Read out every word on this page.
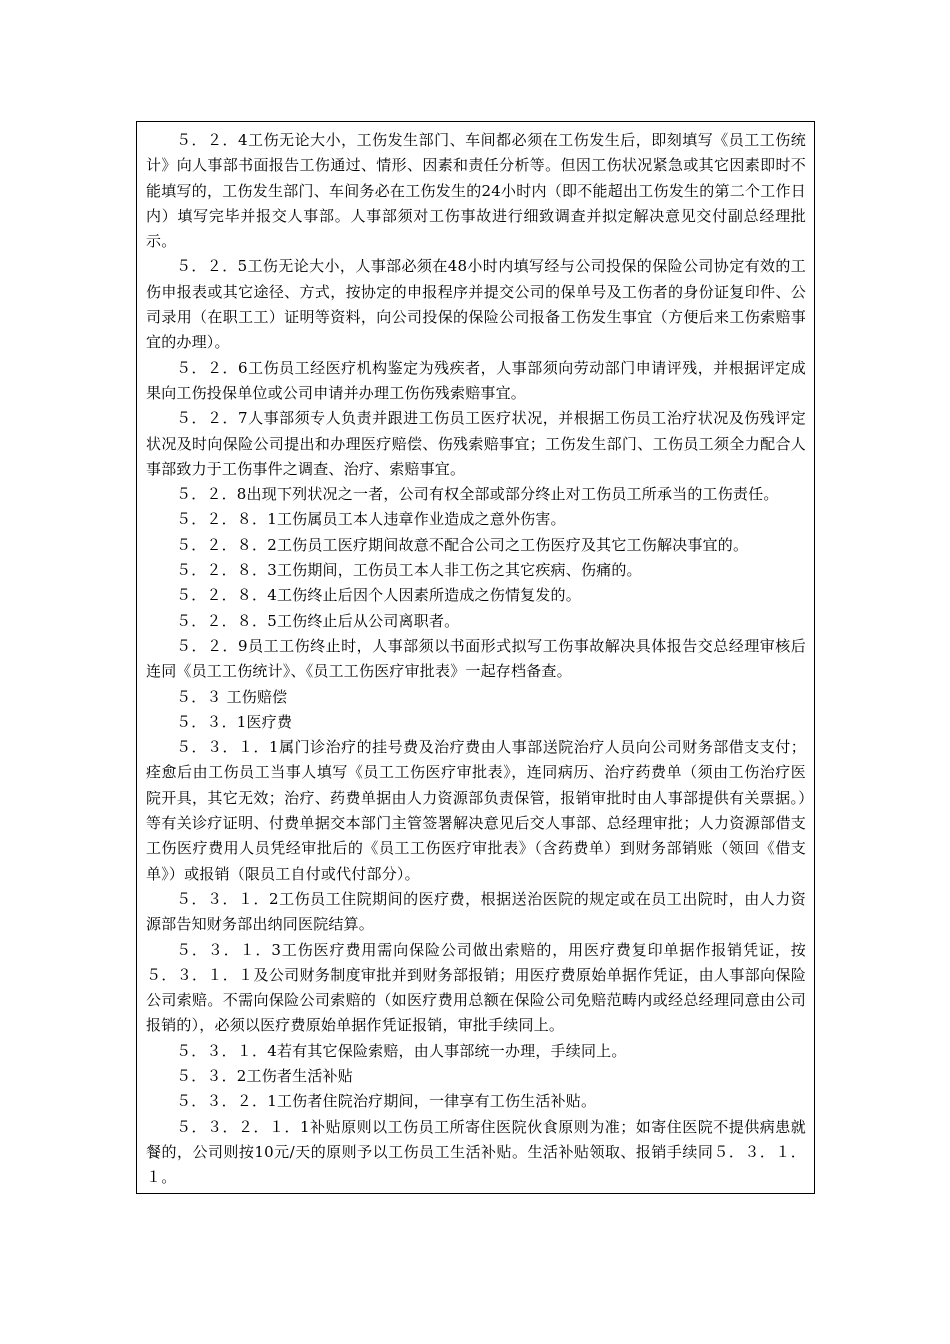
５．２．4工伤无论大小，工伤发生部门、车间都必须在工伤发生后，即刻填写《员工工伤统计》向人事部书面报告工伤通过、情形、因素和责任分析等。但因工伤状况紧急或其它因素即时不能填写的，工伤发生部门、车间务必在工伤发生的24小时内（即不能超出工伤发生的第二个工作日内）填写完毕并报交人事部。人事部须对工伤事故进行细致调查并拟定解决意见交付副总经理批示。

５．２．5工伤无论大小，人事部必须在48小时内填写经与公司投保的保险公司协定有效的工伤申报表或其它途径、方式，按协定的申报程序并提交公司的保单号及工伤者的身份证复印件、公司录用（在职工工）证明等资料，向公司投保的保险公司报备工伤发生事宜（方便后来工伤索赔事宜的办理）。

５．２．6工伤员工经医疗机构鉴定为残疾者，人事部须向劳动部门申请评残，并根据评定成果向工伤投保单位或公司申请并办理工伤伤残索赔事宜。

５．２．7人事部须专人负责并跟进工伤员工医疗状况，并根据工伤员工治疗状况及伤残评定状况及时向保险公司提出和办理医疗赔偿、伤残索赔事宜；工伤发生部门、工伤员工须全力配合人事部致力于工伤事件之调查、治疗、索赔事宜。

５．２．8出现下列状况之一者，公司有权全部或部分终止对工伤员工所承当的工伤责任。

５．２．８．1工伤属员工本人违章作业造成之意外伤害。

５．２．８．2工伤员工医疗期间故意不配合公司之工伤医疗及其它工伤解决事宜的。

５．２．８．3工伤期间，工伤员工本人非工伤之其它疾病、伤痛的。

５．２．８．4工伤终止后因个人因素所造成之伤情复发的。

５．２．８．5工伤终止后从公司离职者。

５．２．9员工工伤终止时，人事部须以书面形式拟写工伤事故解决具体报告交总经理审核后连同《员工工伤统计》、《员工工伤医疗审批表》一起存档备查。

５．３ 工伤赔偿

５．３．1医疗费

５．３．１．1属门诊治疗的挂号费及治疗费由人事部送院治疗人员向公司财务部借支支付；痊愈后由工伤员工当事人填写《员工工伤医疗审批表》，连同病历、治疗药费单（须由工伤治疗医院开具，其它无效；治疗、药费单据由人力资源部负责保管，报销审批时由人事部提供有关票据。）等有关诊疗证明、付费单据交本部门主管签署解决意见后交人事部、总经理审批；人力资源部借支工伤医疗费用人员凭经审批后的《员工工伤医疗审批表》（含药费单）到财务部销账（领回《借支单》）或报销（限员工自付或代付部分）。

５．３．１．2工伤员工住院期间的医疗费，根据送治医院的规定或在员工出院时，由人力资源部告知财务部出纳同医院结算。

５．３．１．3工伤医疗费用需向保险公司做出索赔的，用医疗费复印单据作报销凭证，按５．３．１．１及公司财务制度审批并到财务部报销；用医疗费原始单据作凭证，由人事部向保险公司索赔。不需向保险公司索赔的（如医疗费用总额在保险公司免赔范畴内或经总经理同意由公司报销的），必须以医疗费原始单据作凭证报销，审批手续同上。

５．３．１．4若有其它保险索赔，由人事部统一办理，手续同上。

５．３．2工伤者生活补贴

５．３．２．1工伤者住院治疗期间，一律享有工伤生活补贴。

５．３．２．１．1补贴原则以工伤员工所寄住医院伙食原则为准；如寄住医院不提供病患就餐的，公司则按10元/天的原则予以工伤员工生活补贴。生活补贴领取、报销手续同５．３．１．１。
